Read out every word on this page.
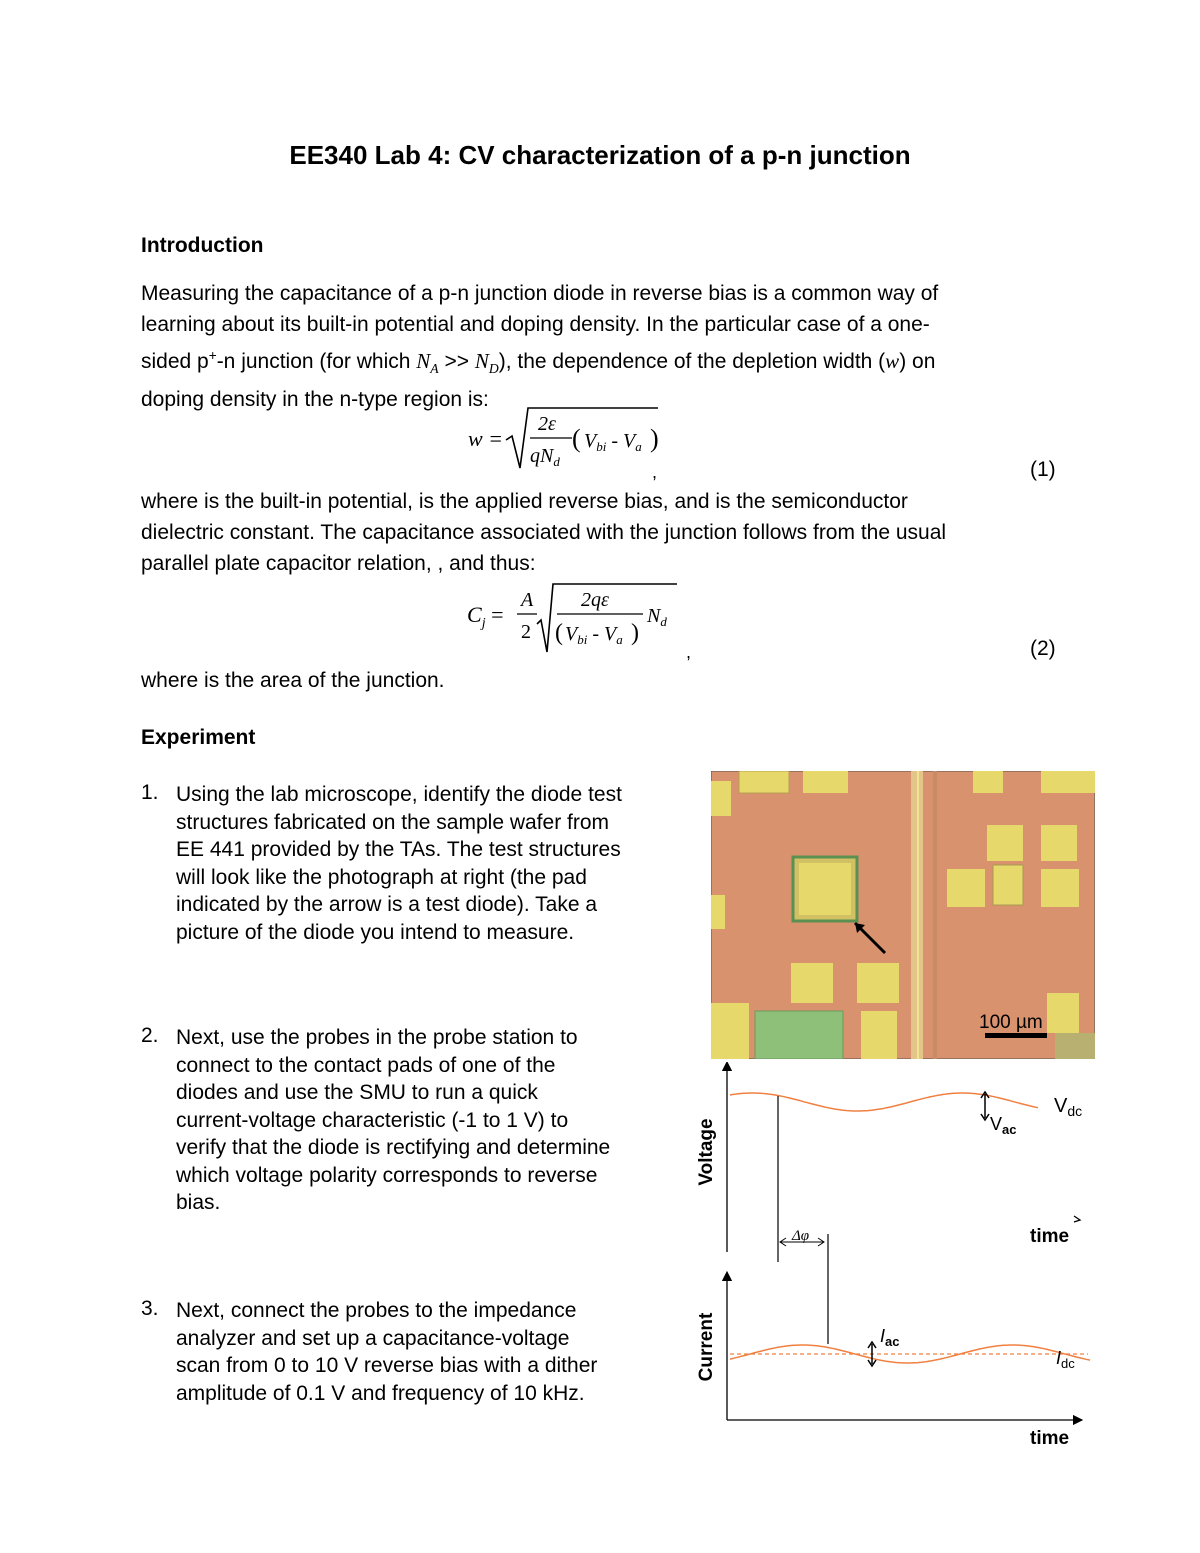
EE340 Lab 4: CV characterization of a p-n junction
Introduction
Measuring the capacitance of a p-n junction diode in reverse bias is a common way of
learning about its built-in potential and doping density. In the particular case of a one-
sided p+-n junction (for which $N_A >> N_D$), the dependence of the depletion width (w) on
doping density in the n-type region is:
w =
2ε
$qN_d$
( $V_{bi} - V_a$ )
,	(1)
where is the built-in potential, is the applied reverse bias, and is the semiconductor
dielectric constant. The capacitance associated with the junction follows from the usual
parallel plate capacitor relation, , and thus:
$C_j$ =
A
2
2qε
( $V_{bi} - V_a$ )
$N_d$
,	(2)
where is the area of the junction.
Experiment
1. Using the lab microscope, identify the diode test
structures fabricated on the sample wafer from
EE 441 provided by the TAs. The test structures
will look like the photograph at right (the pad
indicated by the arrow is a test diode). Take a
picture of the diode you intend to measure.
2. Next, use the probes in the probe station to
connect to the contact pads of one of the
diodes and use the SMU to run a quick
current-voltage characteristic (-1 to 1 V) to
verify that the diode is rectifying and determine
which voltage polarity corresponds to reverse
bias.
3. Next, connect the probes to the impedance
analyzer and set up a capacitance-voltage
scan from 0 to 10 V reverse bias with a dither
amplitude of 0.1 V and frequency of 10 kHz.
100 µm
Voltage
time
$V_{ac}$
$V_{dc}$
Δφ
Current
time
$I_{ac}$
$I_{dc}$
